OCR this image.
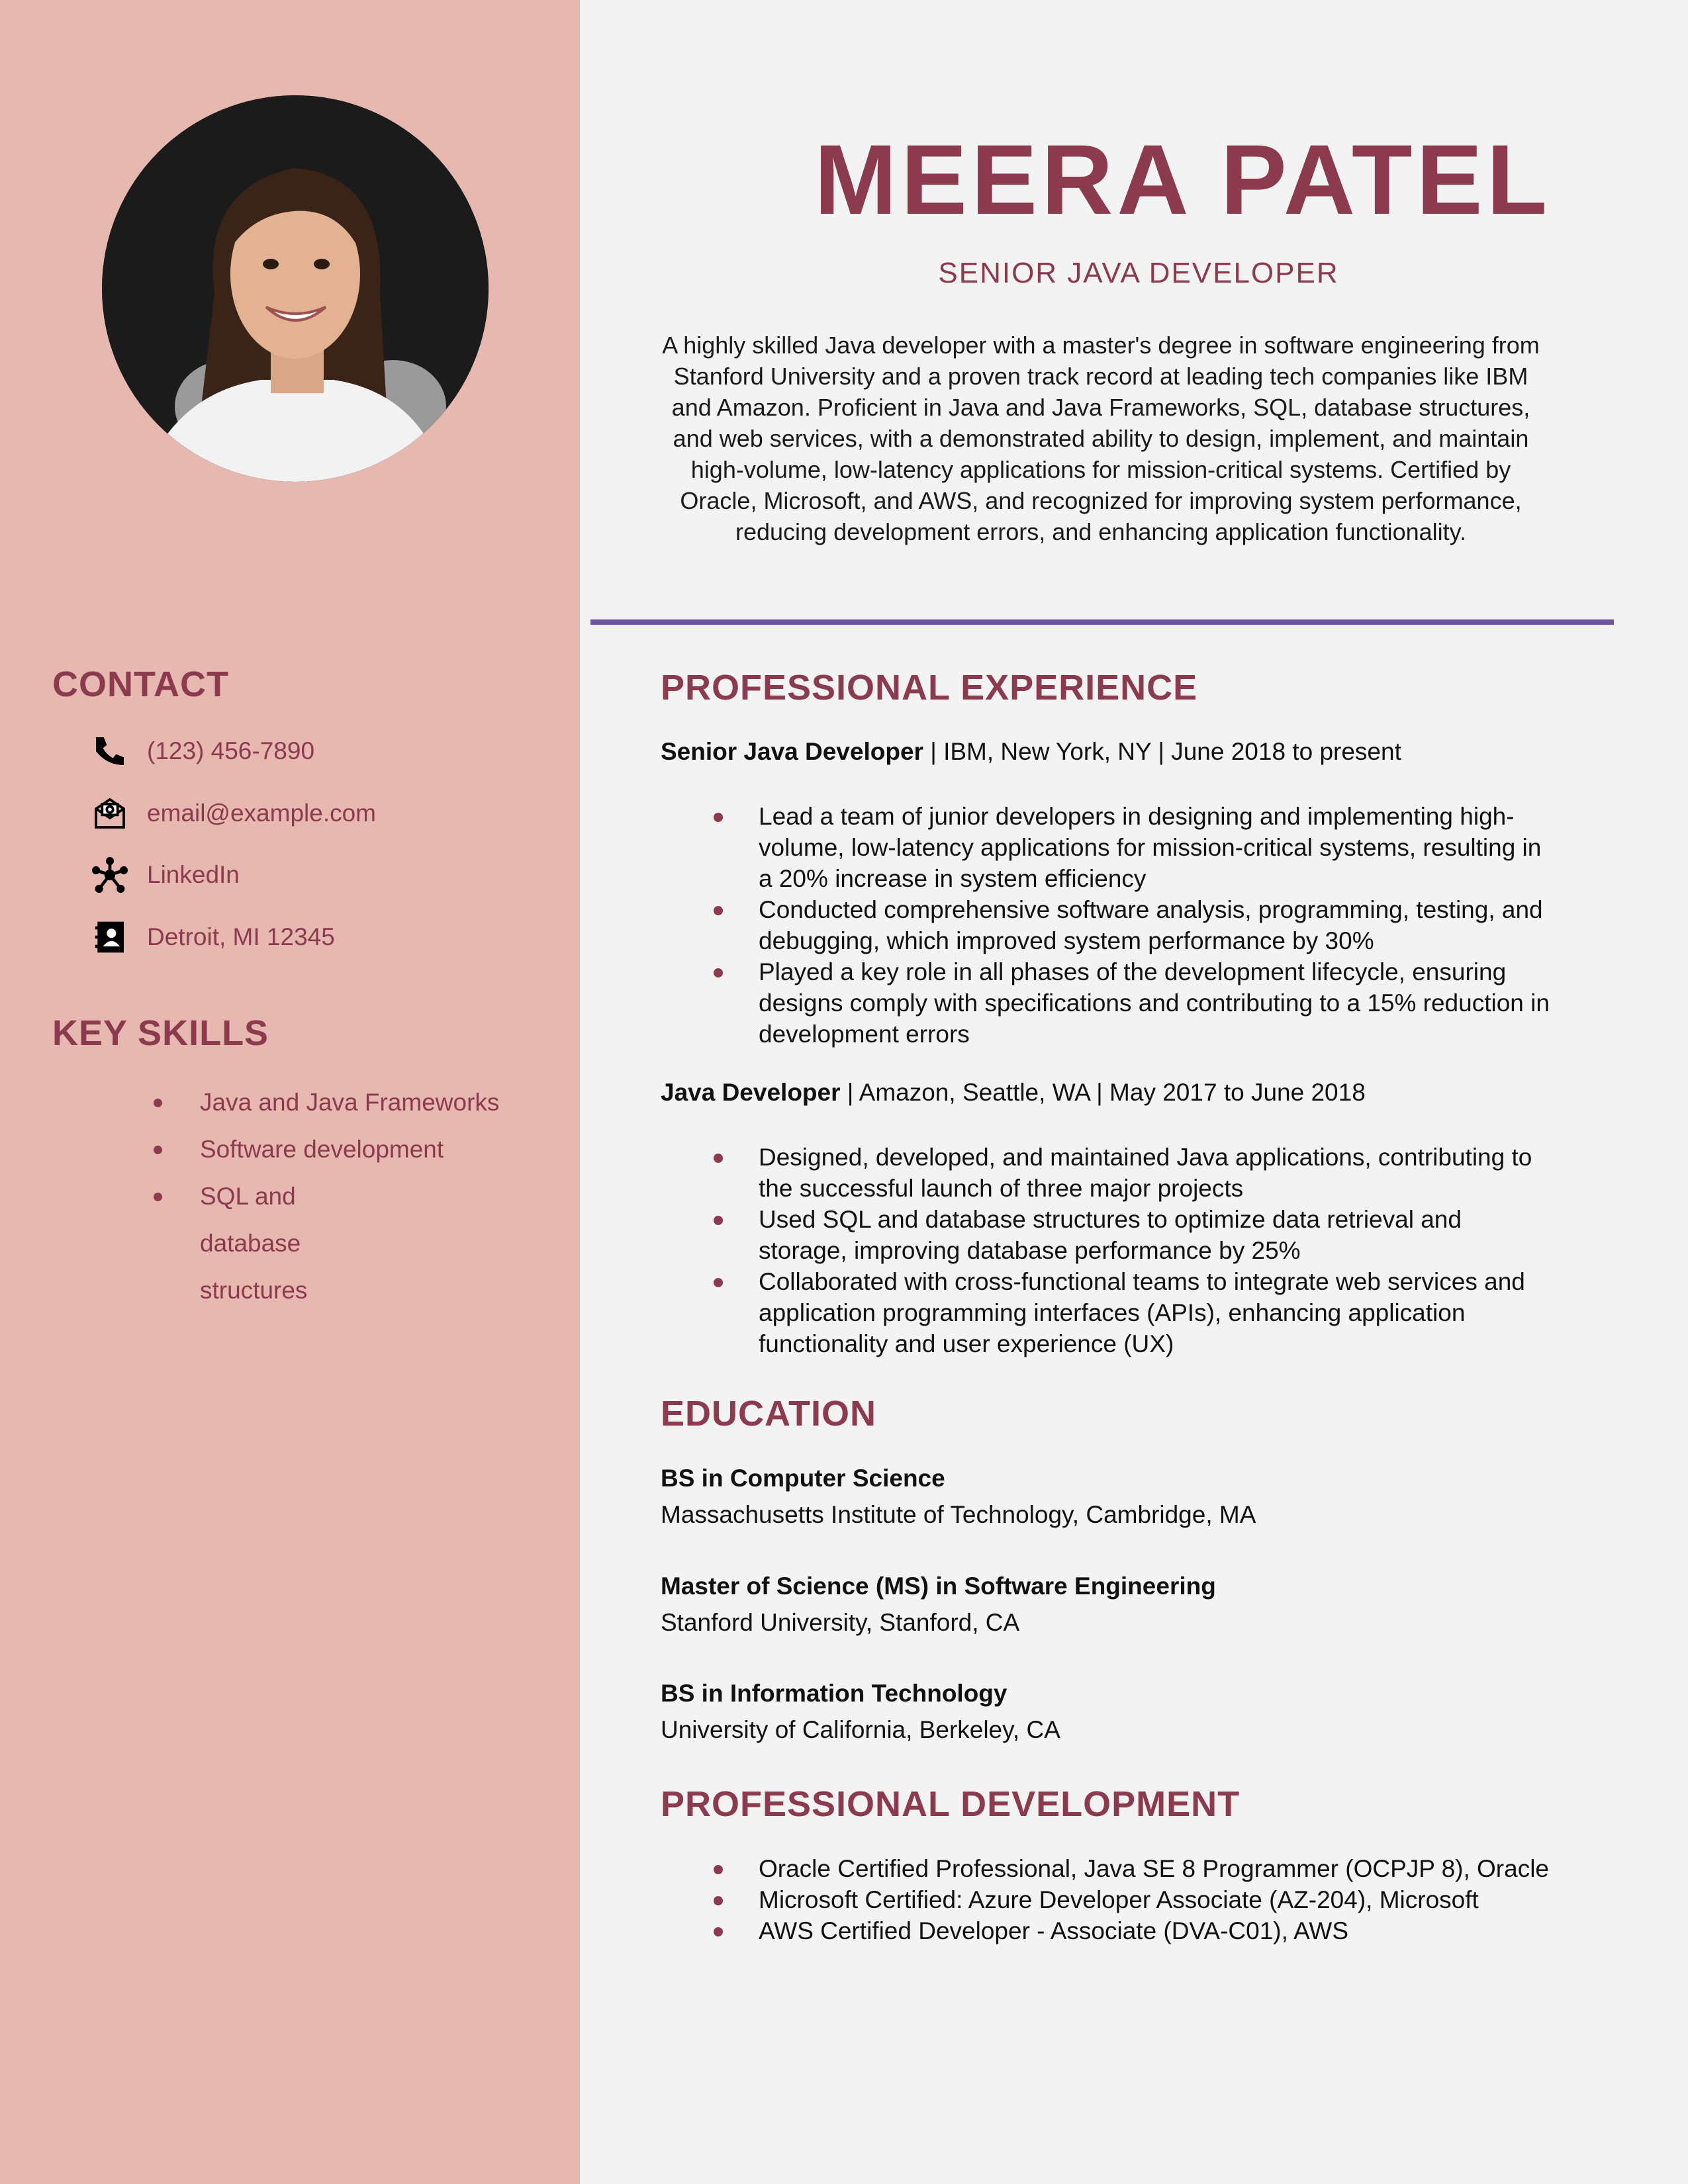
CONTACT
(123) 456-7890
email@example.com
LinkedIn
Detroit, MI 12345
KEY SKILLS
Java and Java Frameworks
Software development
SQL and database structures
MEERA PATEL
SENIOR JAVA DEVELOPER
A highly skilled Java developer with a master's degree in software engineering from Stanford University and a proven track record at leading tech companies like IBM and Amazon. Proficient in Java and Java Frameworks, SQL, database structures, and web services, with a demonstrated ability to design, implement, and maintain high-volume, low-latency applications for mission-critical systems. Certified by Oracle, Microsoft, and AWS, and recognized for improving system performance, reducing development errors, and enhancing application functionality.
PROFESSIONAL EXPERIENCE
Senior Java Developer | IBM, New York, NY | June 2018 to present
Lead a team of junior developers in designing and implementing high-volume, low-latency applications for mission-critical systems, resulting in a 20% increase in system efficiency
Conducted comprehensive software analysis, programming, testing, and debugging, which improved system performance by 30%
Played a key role in all phases of the development lifecycle, ensuring designs comply with specifications and contributing to a 15% reduction in development errors
Java Developer | Amazon, Seattle, WA | May 2017 to June 2018
Designed, developed, and maintained Java applications, contributing to the successful launch of three major projects
Used SQL and database structures to optimize data retrieval and storage, improving database performance by 25%
Collaborated with cross-functional teams to integrate web services and application programming interfaces (APIs), enhancing application functionality and user experience (UX)
EDUCATION
BS in Computer Science
Massachusetts Institute of Technology, Cambridge, MA
Master of Science (MS) in Software Engineering
Stanford University, Stanford, CA
BS in Information Technology
University of California, Berkeley, CA
PROFESSIONAL DEVELOPMENT
Oracle Certified Professional, Java SE 8 Programmer (OCPJP 8), Oracle
Microsoft Certified: Azure Developer Associate (AZ-204), Microsoft
AWS Certified Developer - Associate (DVA-C01), AWS
